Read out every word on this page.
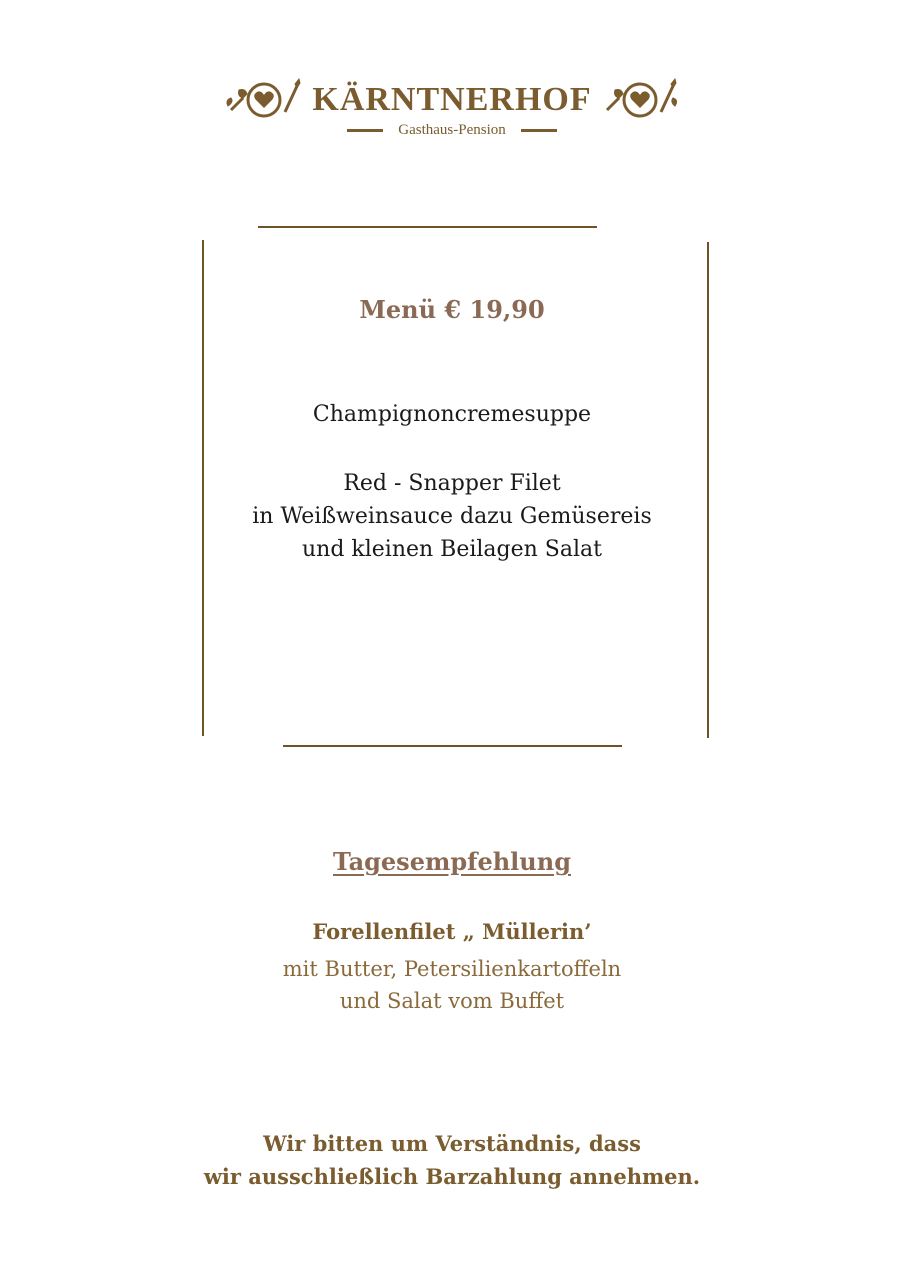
KÄRNTNERHOF
Gasthaus-Pension
Menü € 19,90
Champignoncremesuppe
Red - Snapper Filet
in Weißweinsauce dazu Gemüsereis
und kleinen Beilagen Salat
Tagesempfehlung
Forellenfilet „ Müllerin’
mit Butter, Petersilienkartoffeln
und Salat vom Buffet
Wir bitten um Verständnis, dass
wir ausschließlich Barzahlung annehmen.
